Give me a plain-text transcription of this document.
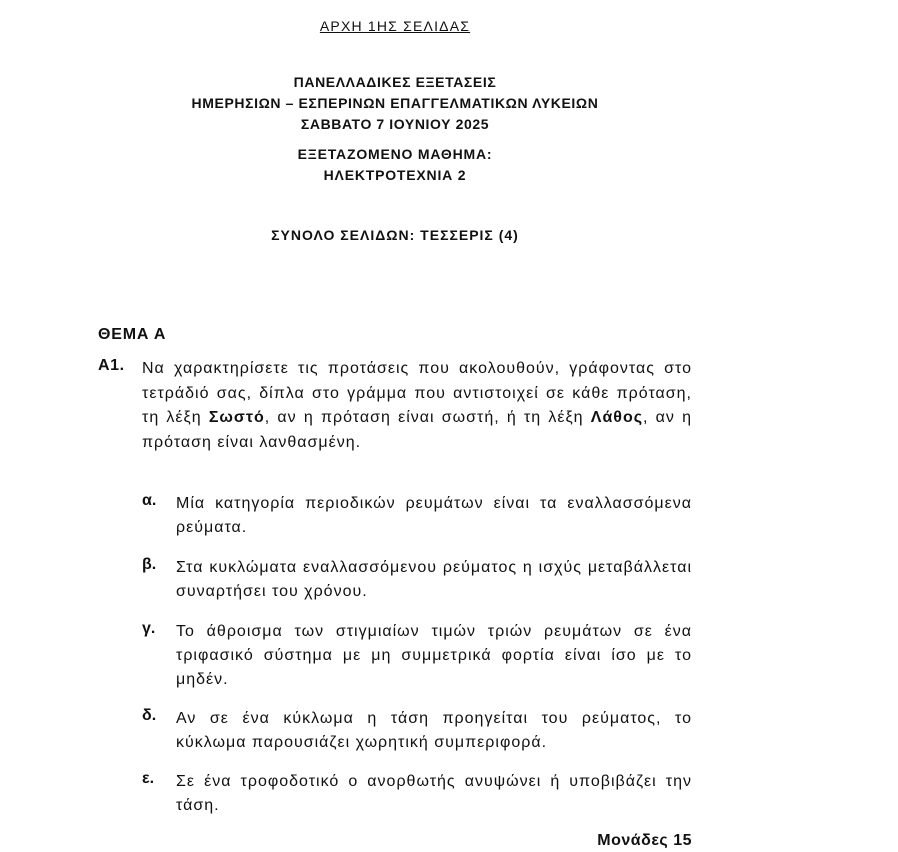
ΑΡΧΗ 1ΗΣ ΣΕΛΙΔΑΣ
ΠΑΝΕΛΛΑΔΙΚΕΣ ΕΞΕΤΑΣΕΙΣ
ΗΜΕΡΗΣΙΩΝ – ΕΣΠΕΡΙΝΩΝ ΕΠΑΓΓΕΛΜΑΤΙΚΩΝ ΛΥΚΕΙΩΝ
ΣΑΒΒΑΤΟ 7 ΙΟΥΝΙΟΥ 2025
ΕΞΕΤΑΖΟΜΕΝΟ ΜΑΘΗΜΑ:
ΗΛΕΚΤΡΟΤΕΧΝΙΑ 2
ΣΥΝΟΛΟ ΣΕΛΙΔΩΝ: ΤΕΣΣΕΡΙΣ (4)
ΘΕΜΑ Α
Α1. Να χαρακτηρίσετε τις προτάσεις που ακολουθούν, γράφοντας στο τετράδιό σας, δίπλα στο γράμμα που αντιστοιχεί σε κάθε πρόταση, τη λέξη Σωστό, αν η πρόταση είναι σωστή, ή τη λέξη Λάθος, αν η πρόταση είναι λανθασμένη.
α. Μία κατηγορία περιοδικών ρευμάτων είναι τα εναλλασσόμενα ρεύματα.
β. Στα κυκλώματα εναλλασσόμενου ρεύματος η ισχύς μεταβάλλεται συναρτήσει του χρόνου.
γ. Το άθροισμα των στιγμιαίων τιμών τριών ρευμάτων σε ένα τριφασικό σύστημα με μη συμμετρικά φορτία είναι ίσο με το μηδέν.
δ. Αν σε ένα κύκλωμα η τάση προηγείται του ρεύματος, το κύκλωμα παρουσιάζει χωρητική συμπεριφορά.
ε. Σε ένα τροφοδοτικό ο ανορθωτής ανυψώνει ή υποβιβάζει την τάση.
Μονάδες 15
